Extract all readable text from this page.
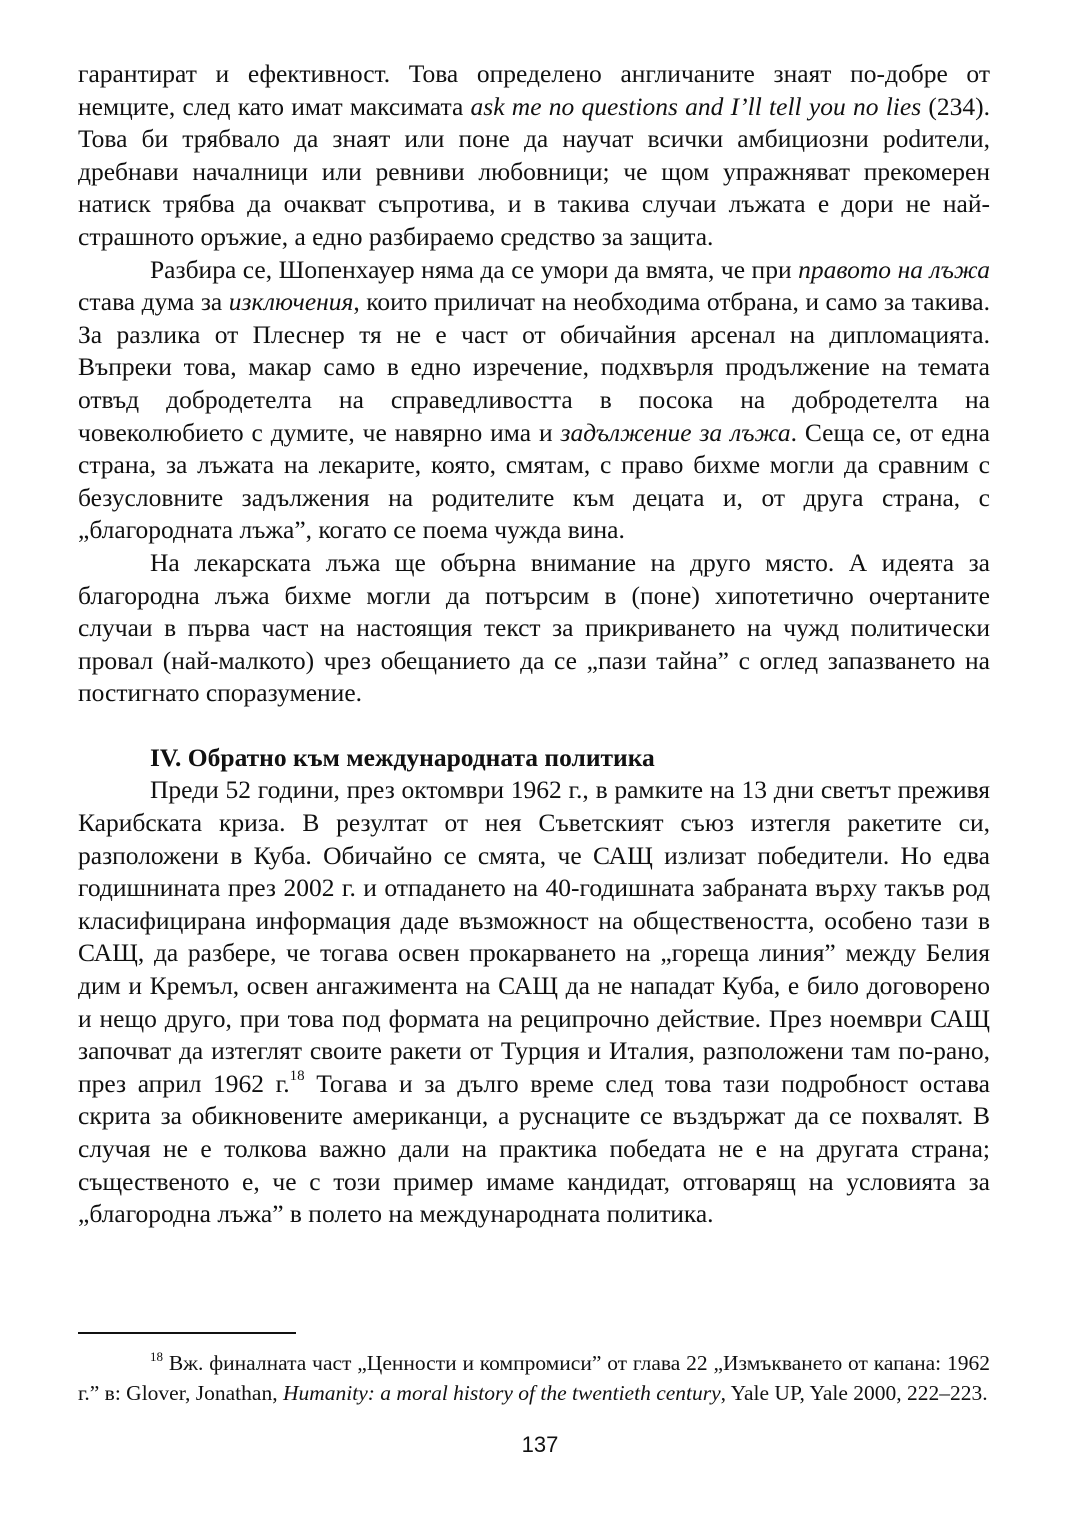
гарантират и ефективност. Това определено англичаните знаят по-добре от немците, след като имат максимата ask me no questions and I’ll tell you no lies (234). Това би трябвало да знаят или поне да научат всички амбициозни роdители, дребнави началници или ревниви любовници; че щом упражняват прекомерен натиск трябва да очакват съпротива, и в такива случаи лъжата е дори не най-страшното оръжие, а едно разбираемо средство за защита.

Разбира се, Шопенхауер няма да се умори да вмята, че при правото на лъжа става дума за изключения, които приличат на необходима отбрана, и само за такива. За разлика от Плеснер тя не е част от обичайния арсенал на дипломацията. Въпреки това, макар само в едно изречение, подхвърля продължение на темата отвъд добродетелта на справедливостта в посока на добродетелта на човеколюбието с думите, че навярно има и задължение за лъжа. Сеща се, от една страна, за лъжата на лекарите, която, смятам, с право бихме могли да сравним с безусловните задължения на родителите към децата и, от друга страна, с „благородната лъжа”, когато се поема чужда вина.

На лекарската лъжа ще обърна внимание на друго място. А идеята за благородна лъжа бихме могли да потърсим в (поне) хипотетично очертаните случаи в първа част на настоящия текст за прикриването на чужд политически провал (най-малкото) чрез обещанието да се „пази тайна” с оглед запазването на постигнато споразумение.

IV. Обратно към международната политика

Преди 52 години, през октомври 1962 г., в рамките на 13 дни светът преживя Карибската криза. В резултат от нея Съветският съюз изтегля ракетите си, разположени в Куба. Обичайно се смята, че САЩ излизат победители. Но едва годишнината през 2002 г. и отпадането на 40-годишната забраната върху такъв род класифицирана информация даде възможност на обществеността, особено тази в САЩ, да разбере, че тогава освен прокарването на „гореща линия” между Белия дим и Кремъл, освен ангажимента на САЩ да не нападат Куба, е било договорено и нещо друго, при това под формата на реципрочно действие. През ноември САЩ започват да изтеглят своите ракети от Турция и Италия, разположени там по-рано, през април 1962 г.$^{18}$ Тогава и за дълго време след това тази подробност остава скрита за обикновените американци, а руснаците се въздържат да се похвалят. В случая не е толкова важно дали на практика победата не е на другата страна; същественото е, че с този пример имаме кандидат, отговарящ на условията за „благородна лъжа” в полето на международната политика.

$^{18}$ Вж. финалната част „Ценности и компромиси” от глава 22 „Измъкването от капана: 1962 г.” в: Glover, Jonathan, Humanity: a moral history of the twentieth century, Yale UP, Yale 2000, 222–223.

137
